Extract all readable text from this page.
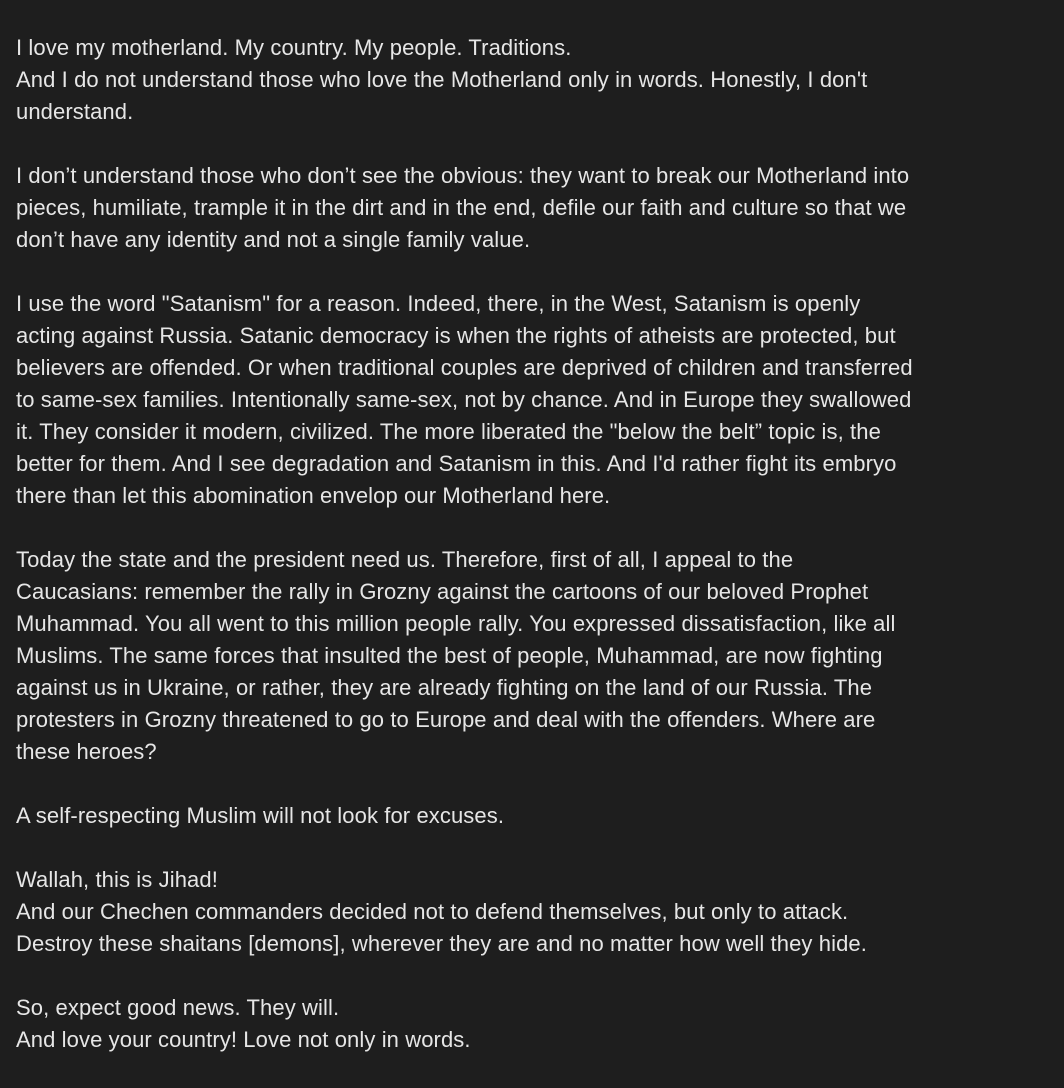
I love my motherland. My country. My people. Traditions.
And I do not understand those who love the Motherland only in words. Honestly, I don't
understand.
I don’t understand those who don’t see the obvious: they want to break our Motherland into
pieces, humiliate, trample it in the dirt and in the end, defile our faith and culture so that we
don’t have any identity and not a single family value.
I use the word "Satanism" for a reason. Indeed, there, in the West, Satanism is openly
acting against Russia. Satanic democracy is when the rights of atheists are protected, but
believers are offended. Or when traditional couples are deprived of children and transferred
to same-sex families. Intentionally same-sex, not by chance. And in Europe they swallowed
it. They consider it modern, civilized. The more liberated the "below the belt” topic is, the
better for them. And I see degradation and Satanism in this. And I'd rather fight its embryo
there than let this abomination envelop our Motherland here.
Today the state and the president need us. Therefore, first of all, I appeal to the
Caucasians: remember the rally in Grozny against the cartoons of our beloved Prophet
Muhammad. You all went to this million people rally. You expressed dissatisfaction, like all
Muslims. The same forces that insulted the best of people, Muhammad, are now fighting
against us in Ukraine, or rather, they are already fighting on the land of our Russia. The
protesters in Grozny threatened to go to Europe and deal with the offenders. Where are
these heroes?
A self-respecting Muslim will not look for excuses.
Wallah, this is Jihad!
And our Chechen commanders decided not to defend themselves, but only to attack.
Destroy these shaitans [demons], wherever they are and no matter how well they hide.
So, expect good news. They will.
And love your country! Love not only in words.
